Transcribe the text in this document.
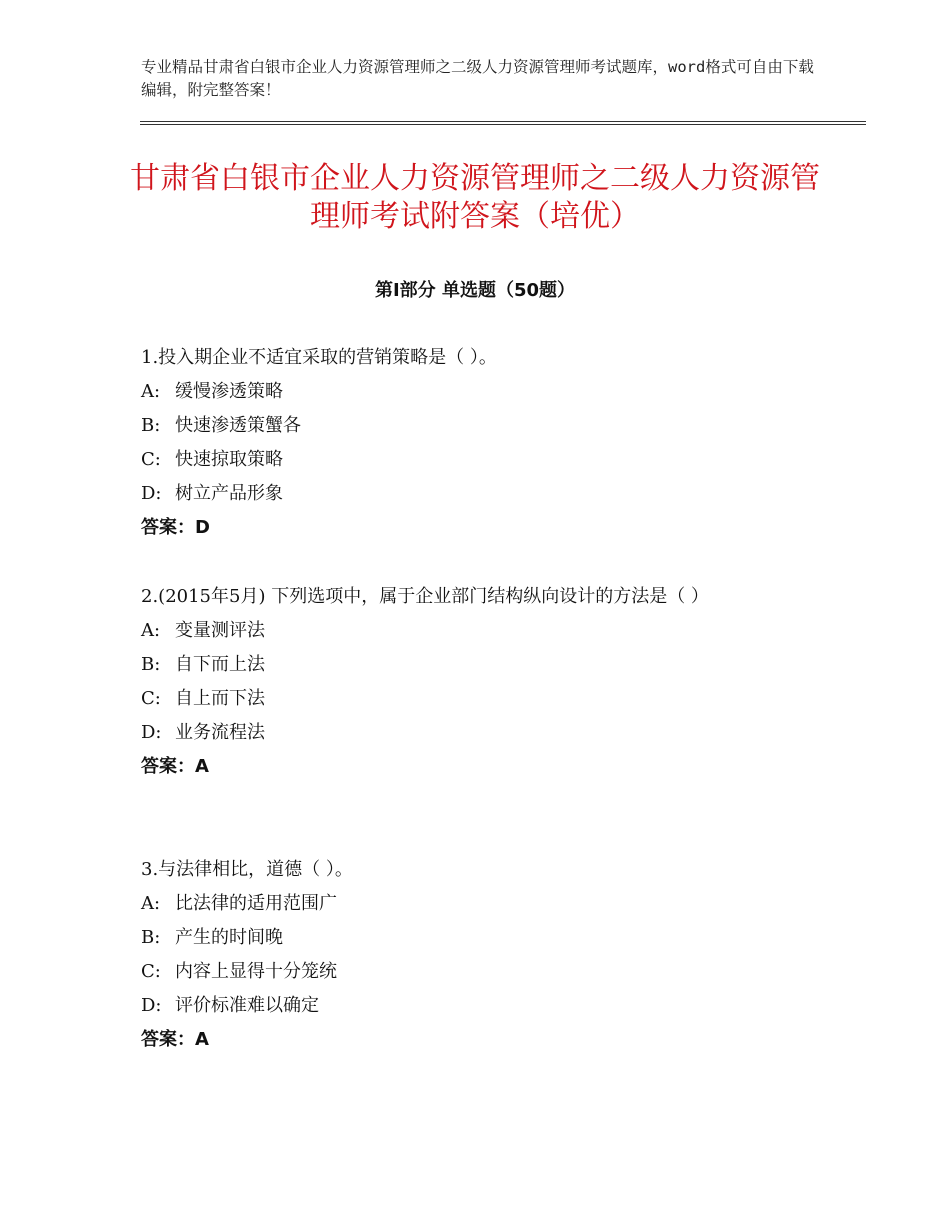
专业精品甘肃省白银市企业人力资源管理师之二级人力资源管理师考试题库，word格式可自由下载编辑，附完整答案！
甘肃省白银市企业人力资源管理师之二级人力资源管理师考试附答案（培优）
第Ⅰ部分 单选题（50题）

1.投入期企业不适宜采取的营销策略是（ ）。

A: 缓慢渗透策略

B: 快速渗透策蟹各

C: 快速掠取策略

D: 树立产品形象

答案：D

2.(2015年5月) 下列选项中，属于企业部门结构纵向设计的方法是（ ）

A: 变量测评法

B: 自下而上法

C: 自上而下法

D: 业务流程法

答案：A

3.与法律相比，道德（ ）。

A: 比法律的适用范围广

B: 产生的时间晚

C: 内容上显得十分笼统

D: 评价标准难以确定

答案：A
